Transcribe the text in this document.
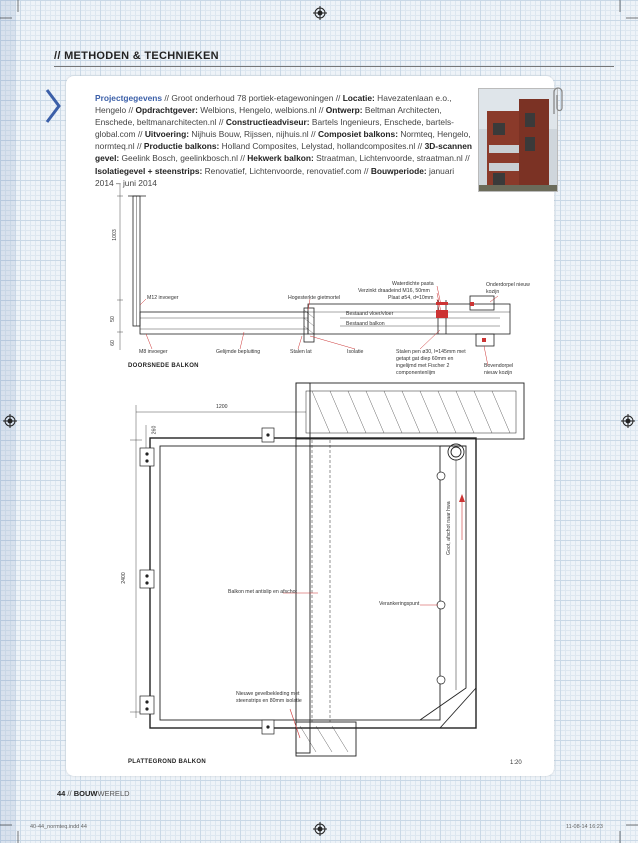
// METHODEN & TECHNIEKEN
Projectgegevens // Groot onderhoud 78 portiek-etagewoningen // Locatie: Havezatenlaan e.o., Hengelo // Opdrachtgever: Welbions, Hengelo, welbions.nl // Ontwerp: Beltman Architecten, Enschede, beltmanarchitecten.nl // Constructieadviseur: Bartels Ingenieurs, Enschede, bartels-global.com // Uitvoering: Nijhuis Bouw, Rijssen, nijhuis.nl // Composiet balkons: Normteq, Hengelo, normteq.nl // Productie balkons: Holland Composites, Lelystad, hollandcomposites.nl // 3D-scannen gevel: Geelink Bosch, geelinkbosch.nl // Hekwerk balkon: Straatman, Lichtenvoorde, straatman.nl // Isolatiegevel + steenstrips: Renovatief, Lichtenvoorde, renovatief.com // Bouwperiode: januari 2014 – juni 2014
1003
50
60
M12 invoeger	Hogesterkte gietmortel
Waterdichte pasta
Verzinkt draadeind M16, 50mm
Plaat ø54, d=10mm
Onderdorpel nieuw kozijn
Bestaand vloer/vloer
Bestaand balkon
M8 invoeger	Gelijmde bepluiting	Stalen lat	Isolatie	Stalen pen ø30, l=145mm met getapt gat diep 60mm en ingelijmd met Fischer 2 componentenlijm
Bovendorpel nieuw kozijn
DOORSNEDE BALKON
1200
2400
260
Balkon met antislip en afschot
Verankeringspunt
Nieuwe gevelbekleding met steenstrips en 80mm isolatie
Goot, afschot naar hwa
PLATTEGROND BALKON	1:20
44 // BOUWWERELD
40-44_normteq.indd 44	11-08-14 16:23
